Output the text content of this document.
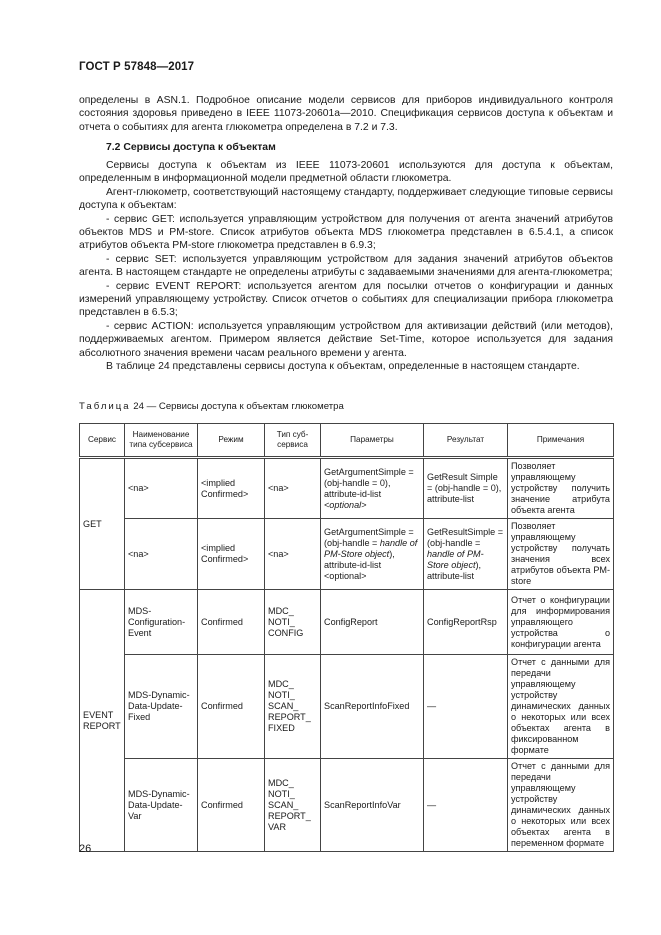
ГОСТ Р 57848—2017

определены в ASN.1. Подробное описание модели сервисов для приборов индивидуального контроля состояния здоровья приведено в IEEE 11073-20601a—2010. Спецификация сервисов доступа к объектам и отчета о событиях для агента глюкометра определена в 7.2 и 7.3.

7.2 Сервисы доступа к объектам

Сервисы доступа к объектам из IEEE 11073-20601 используются для доступа к объектам, определенным в информационной модели предметной области глюкометра.

Агент-глюкометр, соответствующий настоящему стандарту, поддерживает следующие типовые сервисы доступа к объектам:

- сервис GET: используется управляющим устройством для получения от агента значений атрибутов объектов MDS и PM-store. Список атрибутов объекта MDS глюкометра представлен в 6.5.4.1, а список атрибутов объекта PM-store глюкометра представлен в 6.9.3;

- сервис SET: используется управляющим устройством для задания значений атрибутов объектов агента. В настоящем стандарте не определены атрибуты с задаваемыми значениями для агента-глюкометра;

- сервис EVENT REPORT: используется агентом для посылки отчетов о конфигурации и данных измерений управляющему устройству. Список отчетов о событиях для специализации прибора глюкометра представлен в 6.5.3;

- сервис ACTION: используется управляющим устройством для активизации действий (или методов), поддерживаемых агентом. Примером является действие Set-Time, которое используется для задания абсолютного значения времени часам реального времени у агента.

В таблице 24 представлены сервисы доступа к объектам, определенные в настоящем стандарте.

Таблица 24 — Сервисы доступа к объектам глюкометра
Сервис	Наименование типа субсервиса	Режим	Тип суб- сервиса	Параметры	Результат	Примечания
GET	<na>	<implied Confirmed>	<na>	GetArgumentSimple = (obj-handle = 0), attribute-id-list <optional>	GetResult Simple = (obj-handle = 0), attribute-list	Позволяет управляющему устройству получить значение атрибута объекта агента
	<na>	<implied Confirmed>	<na>	GetArgumentSimple = (obj-handle = handle of PM-Store object), attribute-id-list <optional>	GetResultSimple = (obj-handle = handle of PM-Store object), attribute-list	Позволяет управляющему устройству получать значения всех атрибутов объекта PM-store
EVENT REPORT	MDS-Configuration-Event	Confirmed	MDC_ NOTI_ CONFIG	ConfigReport	ConfigReportRsp	Отчет о конфигурации для информирования управляющего устройства о конфигурации агента
	MDS-Dynamic-Data-Update-Fixed	Confirmed	MDC_ NOTI_ SCAN_ REPORT_ FIXED	ScanReportInfoFixed	—	Отчет с данными для передачи управляющему устройству динамических данных о некоторых или всех объектах агента в фиксированном формате
	MDS-Dynamic-Data-Update-Var	Confirmed	MDC_ NOTI_ SCAN_ REPORT_ VAR	ScanReportInfoVar	—	Отчет с данными для передачи управляющему устройству динамических данных о некоторых или всех объектах агента в переменном формате
26
